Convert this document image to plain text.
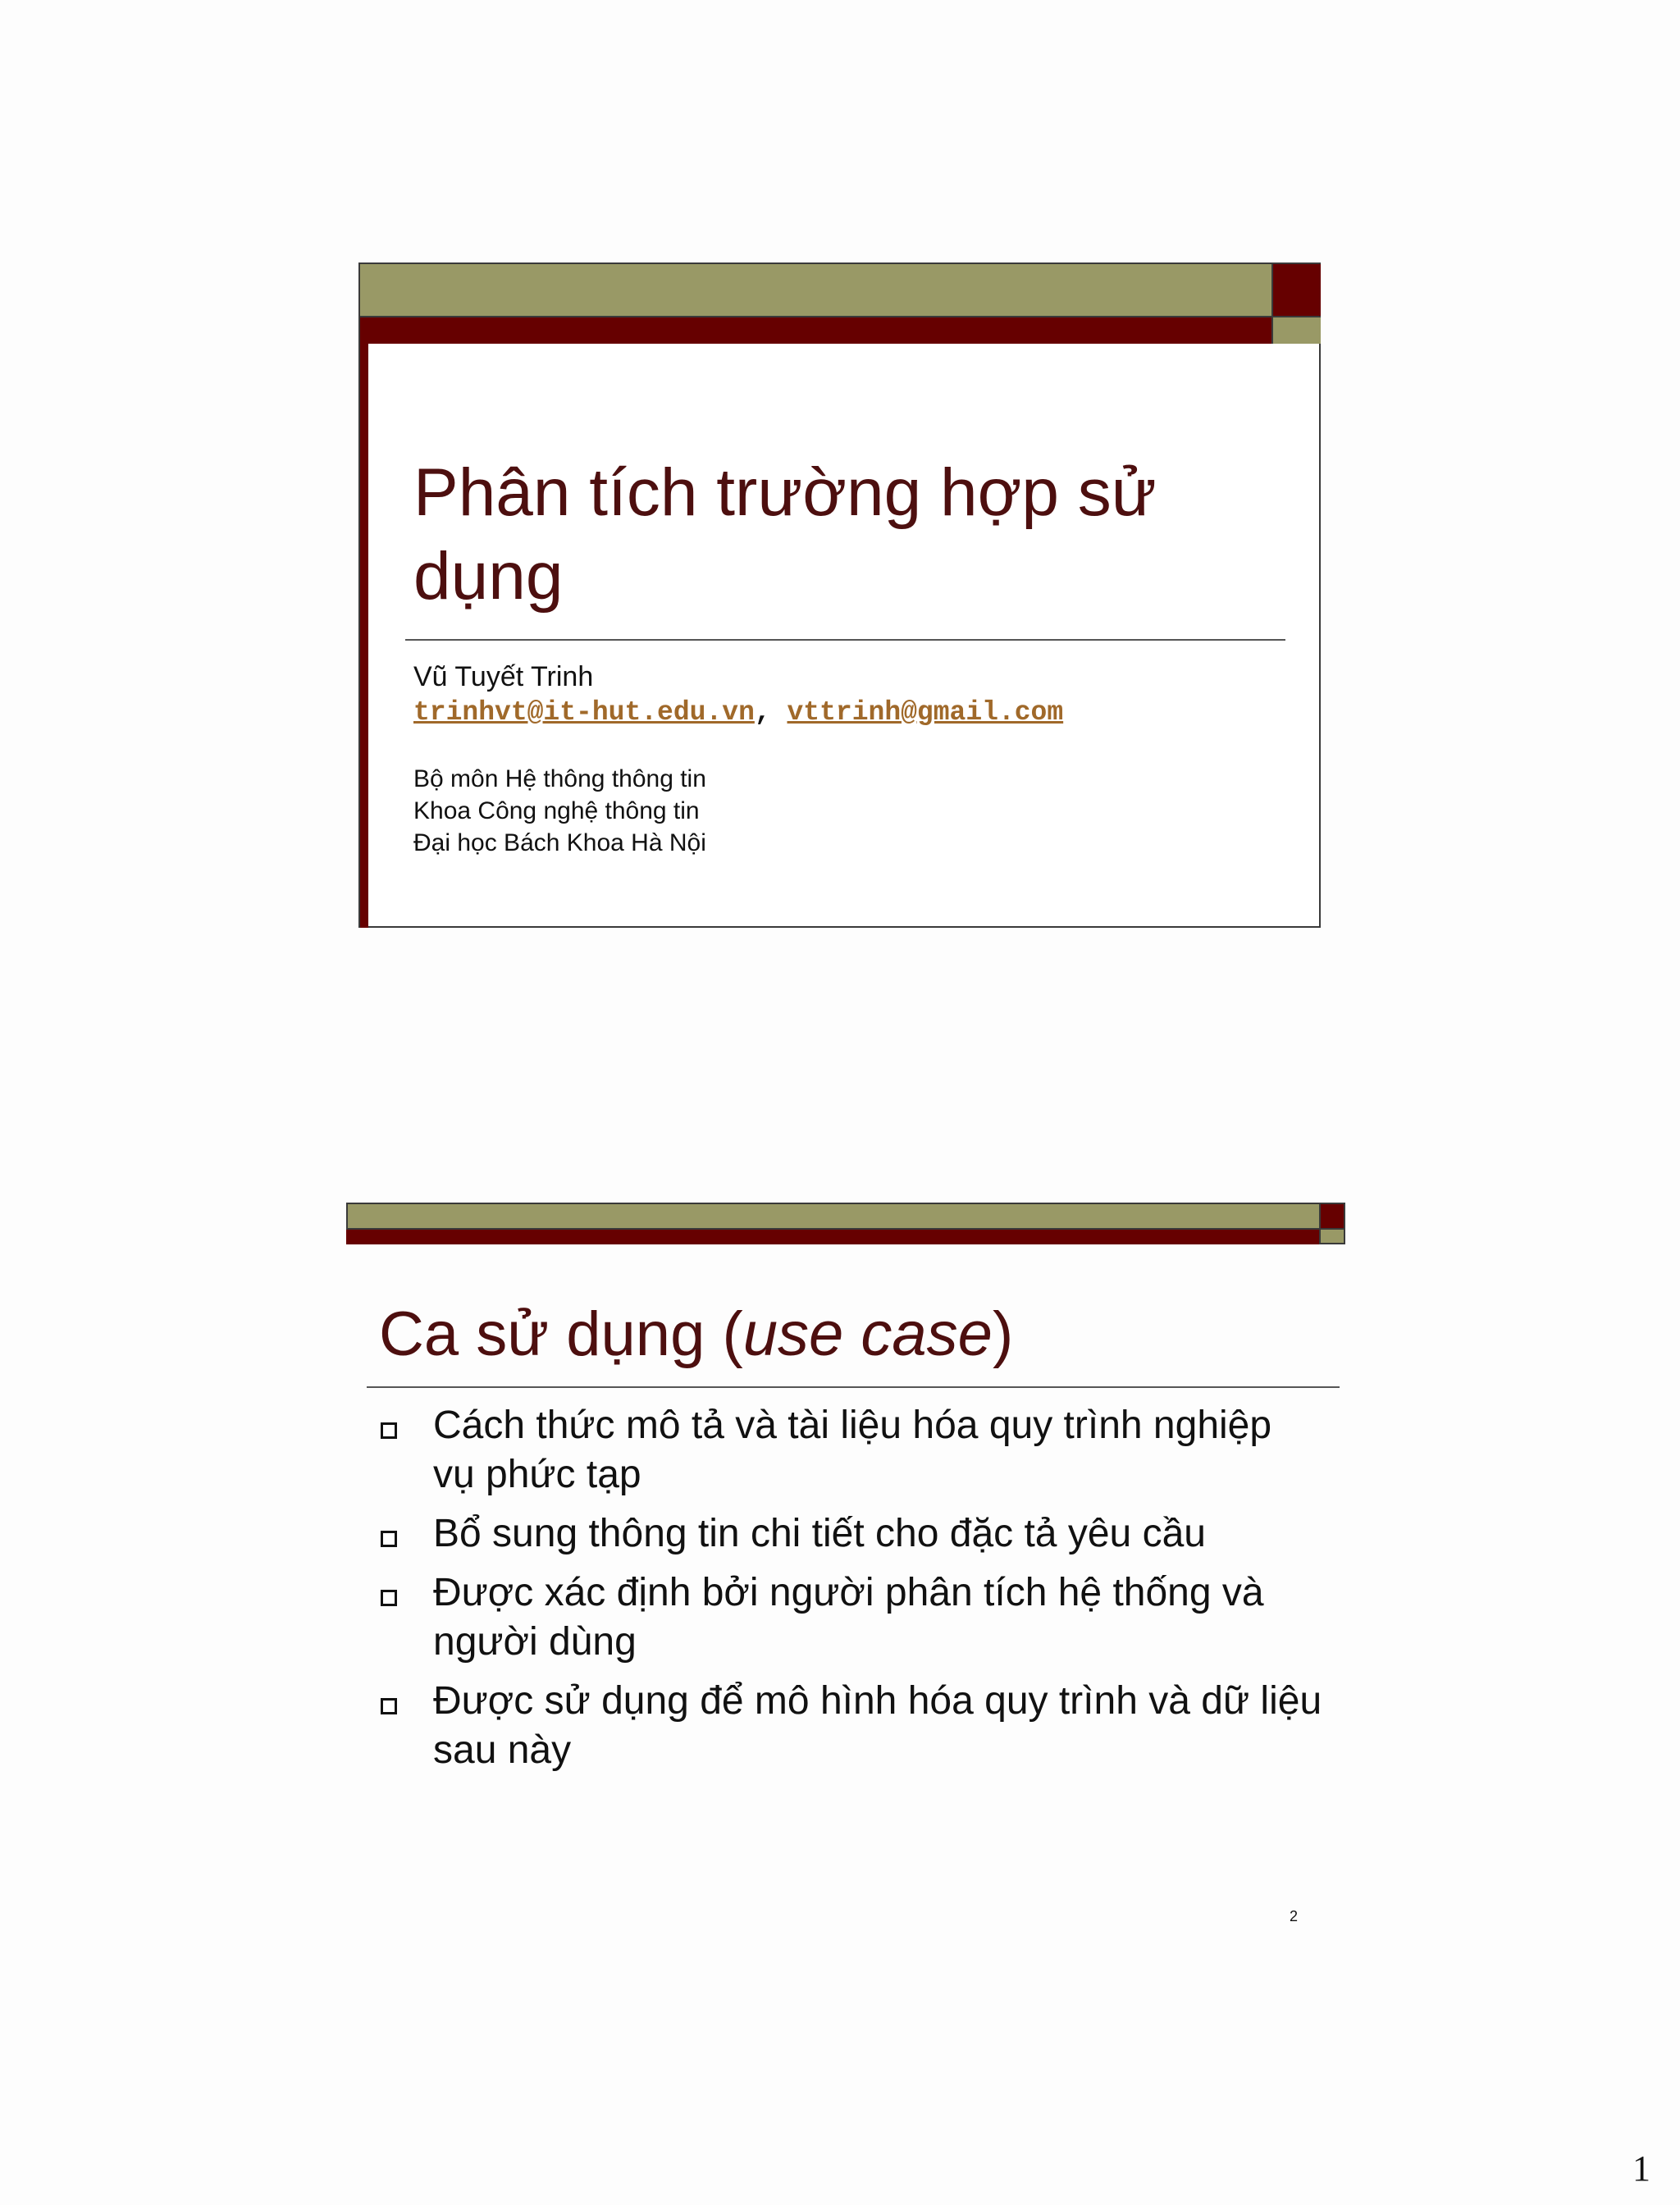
Phân tích trường hợp sử dụng
Vũ Tuyết Trinh
trinhvt@it-hut.edu.vn, vttrinh@gmail.com
Bộ môn Hệ thông thông tin
Khoa Công nghệ thông tin
Đại học Bách Khoa Hà Nội
Ca sử dụng (use case)
Cách thức mô tả và tài liệu hóa quy trình nghiệp vụ phức tạp
Bổ sung thông tin chi tiết cho đặc tả yêu cầu
Được xác định bởi người phân tích hệ thống và người dùng
Được sử dụng để mô hình hóa quy trình và dữ liệu sau này
2
1
